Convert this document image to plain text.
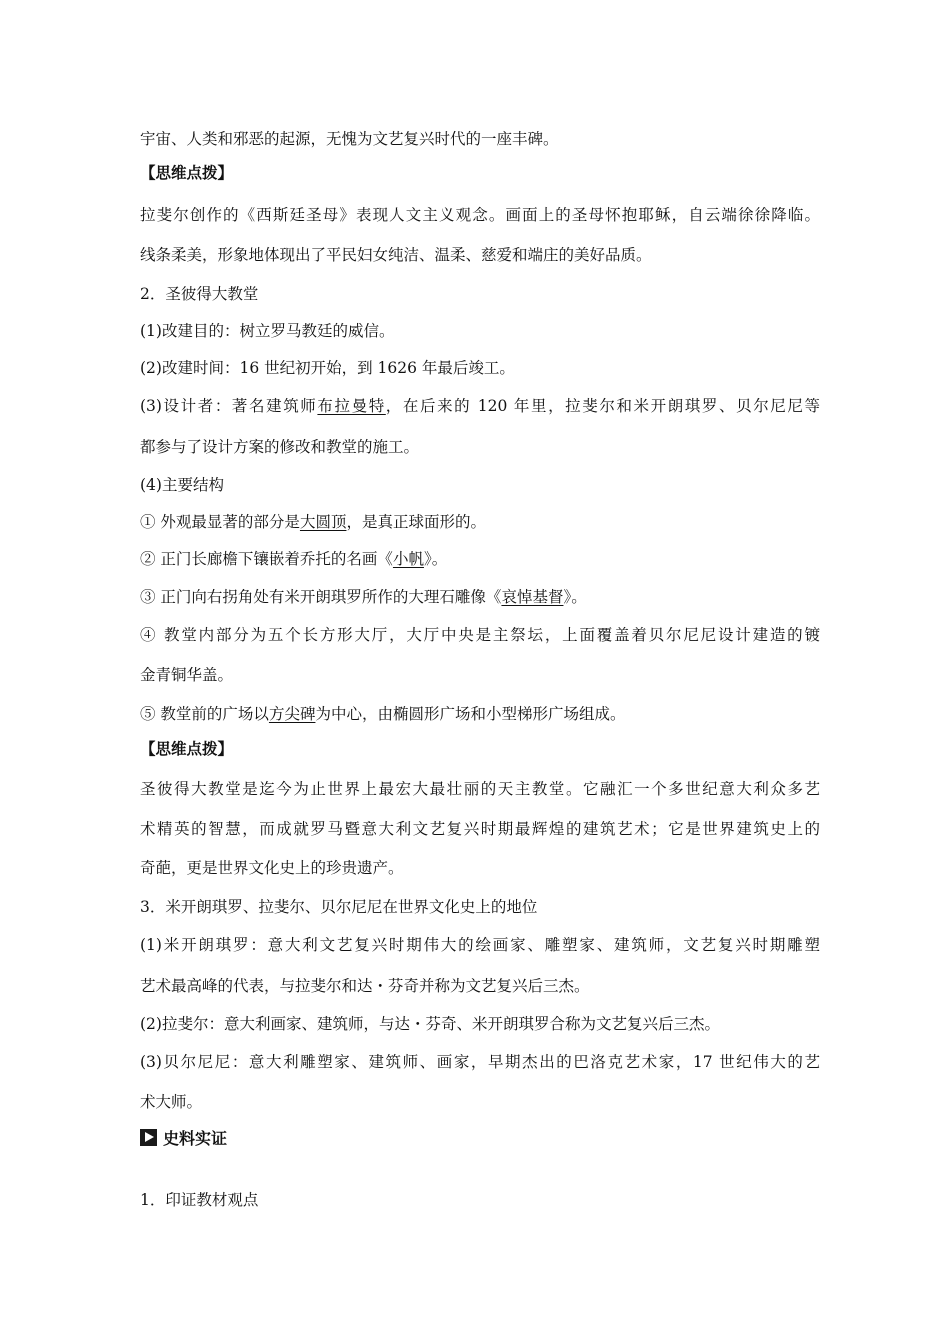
宇宙、人类和邪恶的起源，无愧为文艺复兴时代的一座丰碑。
【思维点拨】
拉斐尔创作的《西斯廷圣母》表现人文主义观念。画面上的圣母怀抱耶稣，自云端徐徐降临。
线条柔美，形象地体现出了平民妇女纯洁、温柔、慈爱和端庄的美好品质。
2．圣彼得大教堂
(1)改建目的：树立罗马教廷的威信。
(2)改建时间：16 世纪初开始，到 1626 年最后竣工。
(3)设计者：著名建筑师布拉曼特，在后来的 120 年里，拉斐尔和米开朗琪罗、贝尔尼尼等
都参与了设计方案的修改和教堂的施工。
(4)主要结构
① 外观最显著的部分是大圆顶，是真正球面形的。
② 正门长廊檐下镶嵌着乔托的名画《小帆》。
③ 正门向右拐角处有米开朗琪罗所作的大理石雕像《哀悼基督》。
④ 教堂内部分为五个长方形大厅，大厅中央是主祭坛，上面覆盖着贝尔尼尼设计建造的镀
金青铜华盖。
⑤ 教堂前的广场以方尖碑为中心，由椭圆形广场和小型梯形广场组成。
【思维点拨】
圣彼得大教堂是迄今为止世界上最宏大最壮丽的天主教堂。它融汇一个多世纪意大利众多艺
术精英的智慧，而成就罗马暨意大利文艺复兴时期最辉煌的建筑艺术；它是世界建筑史上的
奇葩，更是世界文化史上的珍贵遗产。
3．米开朗琪罗、拉斐尔、贝尔尼尼在世界文化史上的地位
(1)米开朗琪罗：意大利文艺复兴时期伟大的绘画家、雕塑家、建筑师，文艺复兴时期雕塑
艺术最高峰的代表，与拉斐尔和达・芬奇并称为文艺复兴后三杰。
(2)拉斐尔：意大利画家、建筑师，与达・芬奇、米开朗琪罗合称为文艺复兴后三杰。
(3)贝尔尼尼：意大利雕塑家、建筑师、画家，早期杰出的巴洛克艺术家，17 世纪伟大的艺
术大师。
史料实证
1．印证教材观点
